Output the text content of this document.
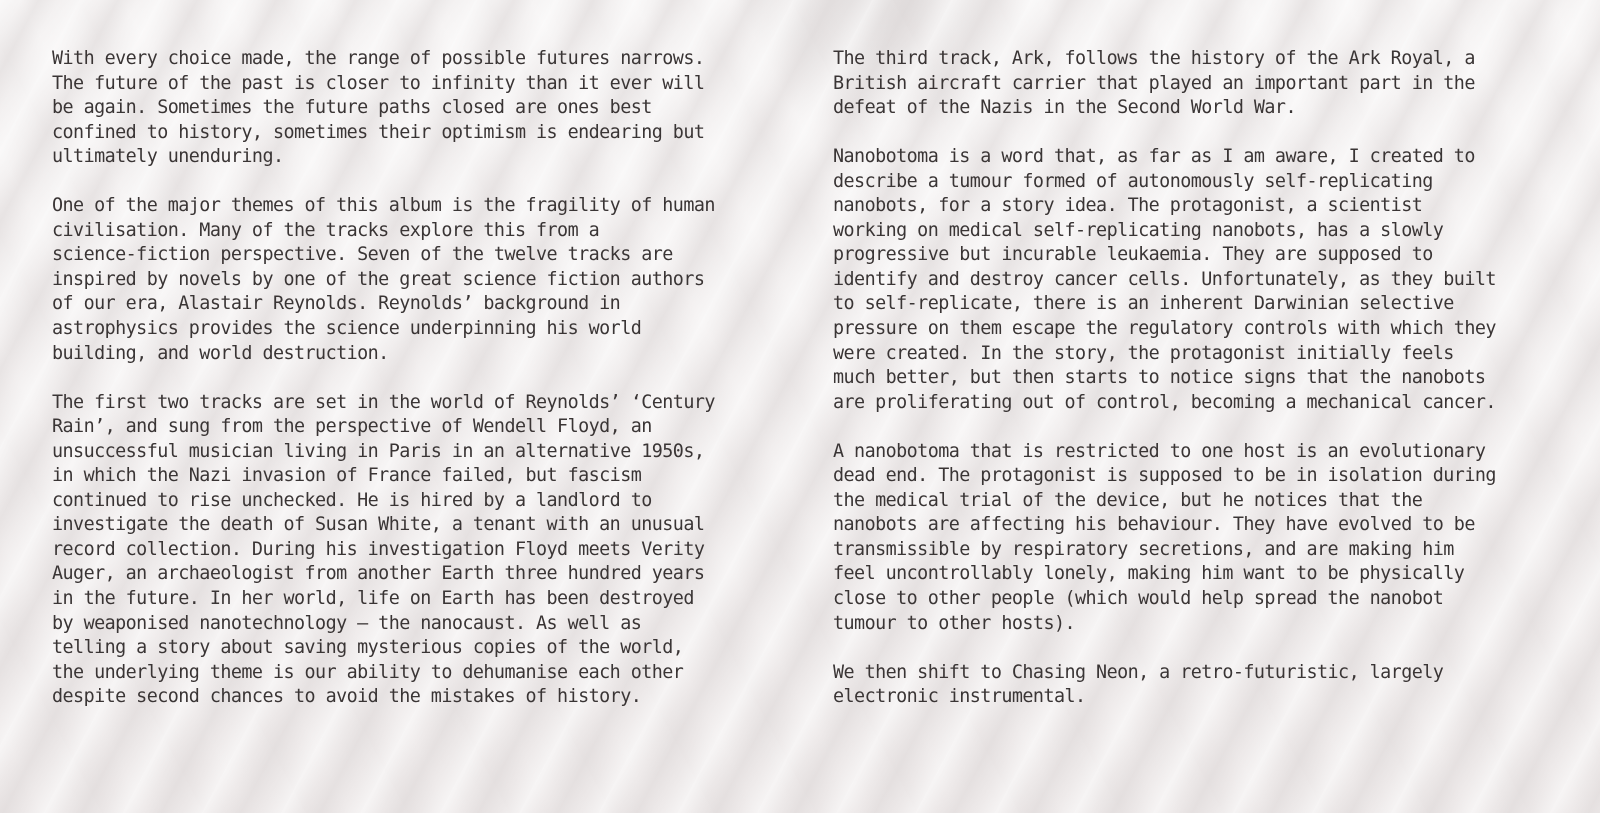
With every choice made, the range of possible futures narrows.
The future of the past is closer to infinity than it ever will
be again. Sometimes the future paths closed are ones best
confined to history, sometimes their optimism is endearing but
ultimately unenduring.

One of the major themes of this album is the fragility of human
civilisation. Many of the tracks explore this from a
science-fiction perspective. Seven of the twelve tracks are
inspired by novels by one of the great science fiction authors
of our era, Alastair Reynolds. Reynolds’ background in
astrophysics provides the science underpinning his world
building, and world destruction.

The first two tracks are set in the world of Reynolds’ ‘Century
Rain’, and sung from the perspective of Wendell Floyd, an
unsuccessful musician living in Paris in an alternative 1950s,
in which the Nazi invasion of France failed, but fascism
continued to rise unchecked. He is hired by a landlord to
investigate the death of Susan White, a tenant with an unusual
record collection. During his investigation Floyd meets Verity
Auger, an archaeologist from another Earth three hundred years
in the future. In her world, life on Earth has been destroyed
by weaponised nanotechnology – the nanocaust. As well as
telling a story about saving mysterious copies of the world,
the underlying theme is our ability to dehumanise each other
despite second chances to avoid the mistakes of history.

The third track, Ark, follows the history of the Ark Royal, a
British aircraft carrier that played an important part in the
defeat of the Nazis in the Second World War.

Nanobotoma is a word that, as far as I am aware, I created to
describe a tumour formed of autonomously self-replicating
nanobots, for a story idea. The protagonist, a scientist
working on medical self-replicating nanobots, has a slowly
progressive but incurable leukaemia. They are supposed to
identify and destroy cancer cells. Unfortunately, as they built
to self-replicate, there is an inherent Darwinian selective
pressure on them escape the regulatory controls with which they
were created. In the story, the protagonist initially feels
much better, but then starts to notice signs that the nanobots
are proliferating out of control, becoming a mechanical cancer.

A nanobotoma that is restricted to one host is an evolutionary
dead end. The protagonist is supposed to be in isolation during
the medical trial of the device, but he notices that the
nanobots are affecting his behaviour. They have evolved to be
transmissible by respiratory secretions, and are making him
feel uncontrollably lonely, making him want to be physically
close to other people (which would help spread the nanobot
tumour to other hosts).

We then shift to Chasing Neon, a retro-futuristic, largely
electronic instrumental.
